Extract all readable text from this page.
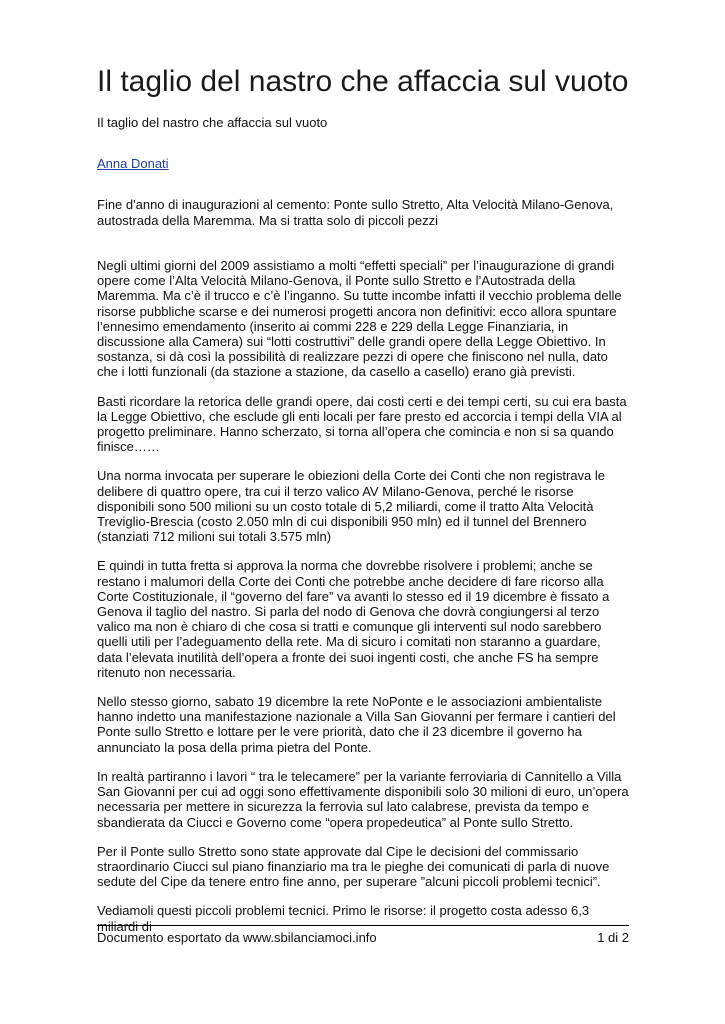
Il taglio del nastro che affaccia sul vuoto
Il taglio del nastro che affaccia sul vuoto
Anna Donati
Fine d'anno di inaugurazioni al cemento: Ponte sullo Stretto, Alta Velocità Milano-Genova, autostrada della Maremma. Ma si tratta solo di piccoli pezzi

Negli ultimi giorni del 2009 assistiamo a molti “effetti speciali” per l’inaugurazione di grandi opere come l’Alta Velocità Milano-Genova, il Ponte sullo Stretto e l’Autostrada della Maremma. Ma c’è il trucco e c’è l’inganno. Su tutte incombe infatti il vecchio problema delle risorse pubbliche scarse e dei numerosi progetti ancora non definitivi: ecco allora spuntare l’ennesimo emendamento (inserito ai commi 228 e 229 della Legge Finanziaria, in discussione alla Camera) sui “lotti costruttivi” delle grandi opere della Legge Obiettivo. In sostanza, si dà così la possibilità di realizzare pezzi di opere che finiscono nel nulla, dato che i lotti funzionali (da stazione a stazione, da casello a casello) erano già previsti.

Basti ricordare la retorica delle grandi opere, dai costi certi e dei tempi certi, su cui era basta la Legge Obiettivo, che esclude gli enti locali per fare presto ed accorcia i tempi della VIA al progetto preliminare. Hanno scherzato, si torna all’opera che comincia e non si sa quando finisce……

Una norma invocata per superare le obiezioni della Corte dei Conti che non registrava le delibere di quattro opere, tra cui il terzo valico AV Milano-Genova, perché le risorse disponibili sono 500 milioni su un costo totale di 5,2 miliardi, come il tratto Alta Velocità Treviglio-Brescia (costo 2.050 mln di cui disponibili 950 mln) ed il tunnel del Brennero (stanziati 712 milioni sui totali 3.575 mln)

E quindi in tutta fretta si approva la norma che dovrebbe risolvere i problemi; anche se restano i malumori della Corte dei Conti che potrebbe anche decidere di fare ricorso alla Corte Costituzionale, il “governo del fare” va avanti lo stesso ed il 19 dicembre è fissato a Genova il taglio del nastro. Si parla del nodo di Genova che dovrà congiungersi al terzo valico ma non è chiaro di che cosa si tratti e comunque gli interventi sul nodo sarebbero quelli utili per l’adeguamento della rete. Ma di sicuro i comitati non staranno a guardare, data l’elevata inutilità dell’opera a fronte dei suoi ingenti costi, che anche FS ha sempre ritenuto non necessaria.

Nello stesso giorno, sabato 19 dicembre la rete NoPonte e le associazioni ambientaliste hanno indetto una manifestazione nazionale a Villa San Giovanni per fermare i cantieri del Ponte sullo Stretto e lottare per le vere priorità, dato che il 23 dicembre il governo ha annunciato la posa della prima pietra del Ponte.

In realtà partiranno i lavori “ tra le telecamere” per la variante ferroviaria di Cannitello a Villa San Giovanni per cui ad oggi sono effettivamente disponibili solo 30 milioni di euro, un’opera necessaria per mettere in sicurezza la ferrovia sul lato calabrese, prevista da tempo e sbandierata da Ciucci e Governo come “opera propedeutica” al Ponte sullo Stretto.

Per il Ponte sullo Stretto sono state approvate dal Cipe le decisioni del commissario straordinario Ciucci sul piano finanziario ma tra le pieghe dei comunicati di parla di nuove sedute del Cipe da tenere entro fine anno, per superare ”alcuni piccoli problemi tecnici”.

Vediamoli questi piccoli problemi tecnici. Primo le risorse: il progetto costa adesso 6,3 miliardi di

Documento esportato da www.sbilanciamoci.info	1 di 2
